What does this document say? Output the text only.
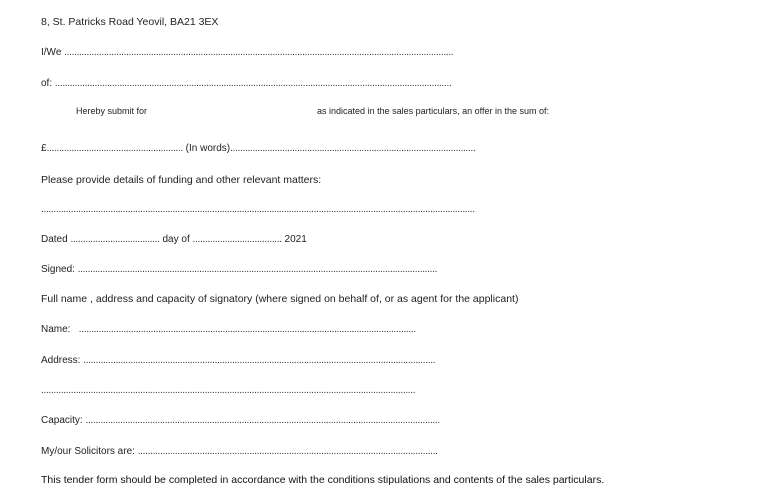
8, St. Patricks Road Yeovil, BA21 3EX
I/We .............................................................................................................................................................
of: ................................................................................................................................................................
Hereby submit for	as indicated in the sales particulars, an offer in the sum of:
£....................................................... (In words)...................................................................................................
Please provide details of funding and other relevant matters:
...............................................................................................................................................................................
Dated .................................... day of .................................... 2021
Signed: .................................................................................................................................................
Full name , address and capacity of signatory (where signed on behalf of, or as agent for the applicant)
Name: ........................................................................................................................................
Address: ..............................................................................................................................................
.......................................................................................................................................................
Capacity: ...............................................................................................................................................
My/our Solicitors are: .........................................................................................................................
This tender form should be completed in accordance with the conditions stipulations and contents of the sales particulars.
